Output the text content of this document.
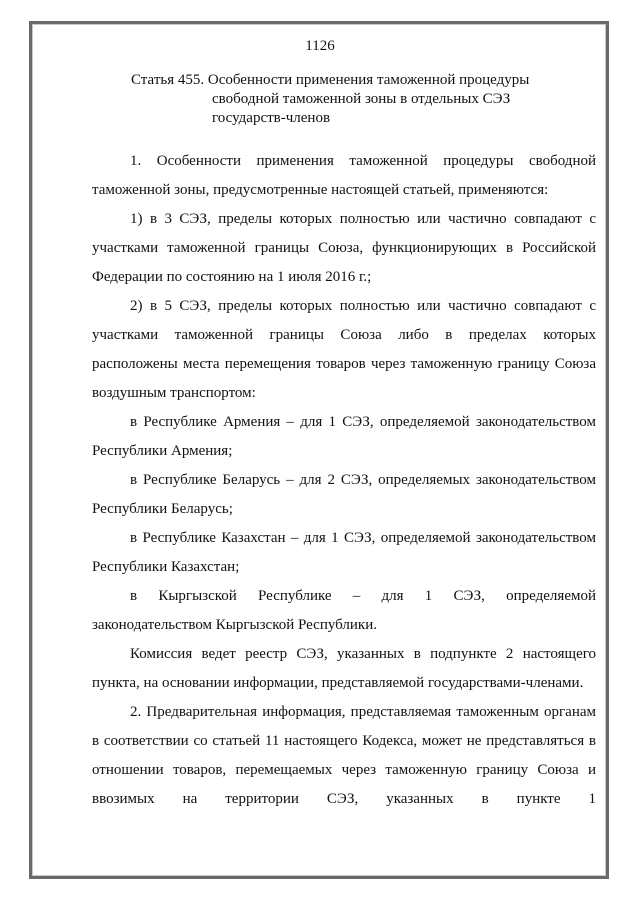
1126
Статья 455. Особенности применения таможенной процедуры
свободной таможенной зоны в отдельных СЭЗ
государств-членов

1. Особенности применения таможенной процедуры свободной таможенной зоны, предусмотренные настоящей статьей, применяются:

1) в 3 СЭЗ, пределы которых полностью или частично совпадают с участками таможенной границы Союза, функционирующих в Российской Федерации по состоянию на 1 июля 2016 г.;

2) в 5 СЭЗ, пределы которых полностью или частично совпадают с участками таможенной границы Союза либо в пределах которых расположены места перемещения товаров через таможенную границу Союза воздушным транспортом:

в Республике Армения – для 1 СЭЗ, определяемой законодательством Республики Армения;

в Республике Беларусь – для 2 СЭЗ, определяемых законодательством Республики Беларусь;

в Республике Казахстан – для 1 СЭЗ, определяемой законодательством Республики Казахстан;

в Кыргызской Республике – для 1 СЭЗ, определяемой законодательством Кыргызской Республики.

Комиссия ведет реестр СЭЗ, указанных в подпункте 2 настоящего пункта, на основании информации, представляемой государствами-членами.

2. Предварительная информация, представляемая таможенным органам в соответствии со статьей 11 настоящего Кодекса, может не представляться в отношении товаров, перемещаемых через таможенную границу Союза и ввозимых на территории СЭЗ, указанных в пункте 1
